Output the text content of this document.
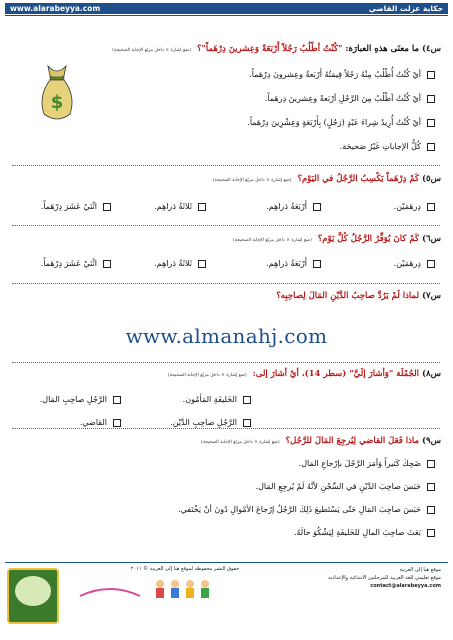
www.alarabeyya.com	حكاية عزلت القاضي
$
س٤) ما معنَى هذهِ العبارَة: "كُنْتُ أطْلُبُ رَجُلاً أَرْبَعَةً وَعِشرينَ دِرْهَماً"؟ (ضع إشارة × داخل مربّع الإجابة الصحيحة)
أيْ كُنْتُ أُطْلُبُ مِنْهُ رَجُلاً قِيمَتُهُ أَرْبَعةٌ وعِشرونَ دِرْهَماً.
أيْ كُنْتُ أطْلُبُ مِنَ الرَّجُلِ أرْبَعةً وعِشرينَ دِرهَماً.
أيْ كُنْتُ أُرِيدُ شِراءَ عَبْدٍ (رَجُلٍ) بِأَرْبَعَةٍ وَعِشْرِينَ دِرْهَماً.
كُلُّ الإجاباتِ غَيْرُ صَحيحَة.
س٥) كَمْ دِرْهَماً يَكْسِبُ الرَّجُلُ في اليَوْم؟ (ضع إشارة × داخل مربّع الإجابة الصحيحة)
دِرهَمَيْن.
أَرْبَعَةُ دَراهِم.
ثَلاثَةُ دَراهِم.
اثْنَيْ عَشَرَ دِرْهَماً.
س٦) كَمْ كانَ يُوَفِّرُ الرَّجُلُ كُلَّ يَوْم؟ (ضع إشارة × داخل مربّع الإجابة الصحيحة)
دِرهَمَيْن.
أَرْبَعَةُ دَراهِم.
ثَلاثَةُ دَراهِم.
اثْنَيْ عَشَرَ دِرْهَماً.
س٧) لماذا لَمْ يَرُدَّ صاحِبُ الدَّيْنِ المَالَ لِصاحِبِه؟
www.almanahj.com
س٨) الجُمْلَة "وَأشارَ إلَيَّ" (سطر 14)، أيْ أشارَ إلى: (ضع إشارة × داخل مربّع الإجابة الصحيحة)
الخَليفَةِ المَأمُون.
الرَّجُلِ صاحِبِ المَال.
الرَّجُلِ صاحِبِ الدَّيْن.
القاضي.
س٩) ماذا فَعَلَ القاضي لِيُرجِعَ المَالَ للرَّجُل؟ (ضع إشارة × داخل مربّع الإجابة الصحيحة)
ضَحِكَ كَثيراً وَأمَرَ الرَّجُلَ بإرْجاعِ المَال.
حَبَسَ صاحِبَ الدَّيْنِ في السِّجْنِ لأنَّهُ لَمْ يُرجِعِ المَال.
حَبَسَ صاحِبَ المَالِ حَتّى يَسْتَطيعَ ذَلِكَ الرَّجُلُ إرْجاعَ الأمْوالِ دُونَ أنْ يَخْتَفي.
بَعَثَ صاحِبَ المالِ للخَليفَةِ لِيَشْكُوَ حالَهُ.
حقوق النشر محفوظة لموقع هيا إلى العربية © ٢٠١١	موقع هيا إلى العربية
موقع تعليمي للغة العربية للمرحلتين الابتدائية والإعدادية
contact@alarabeyya.com
